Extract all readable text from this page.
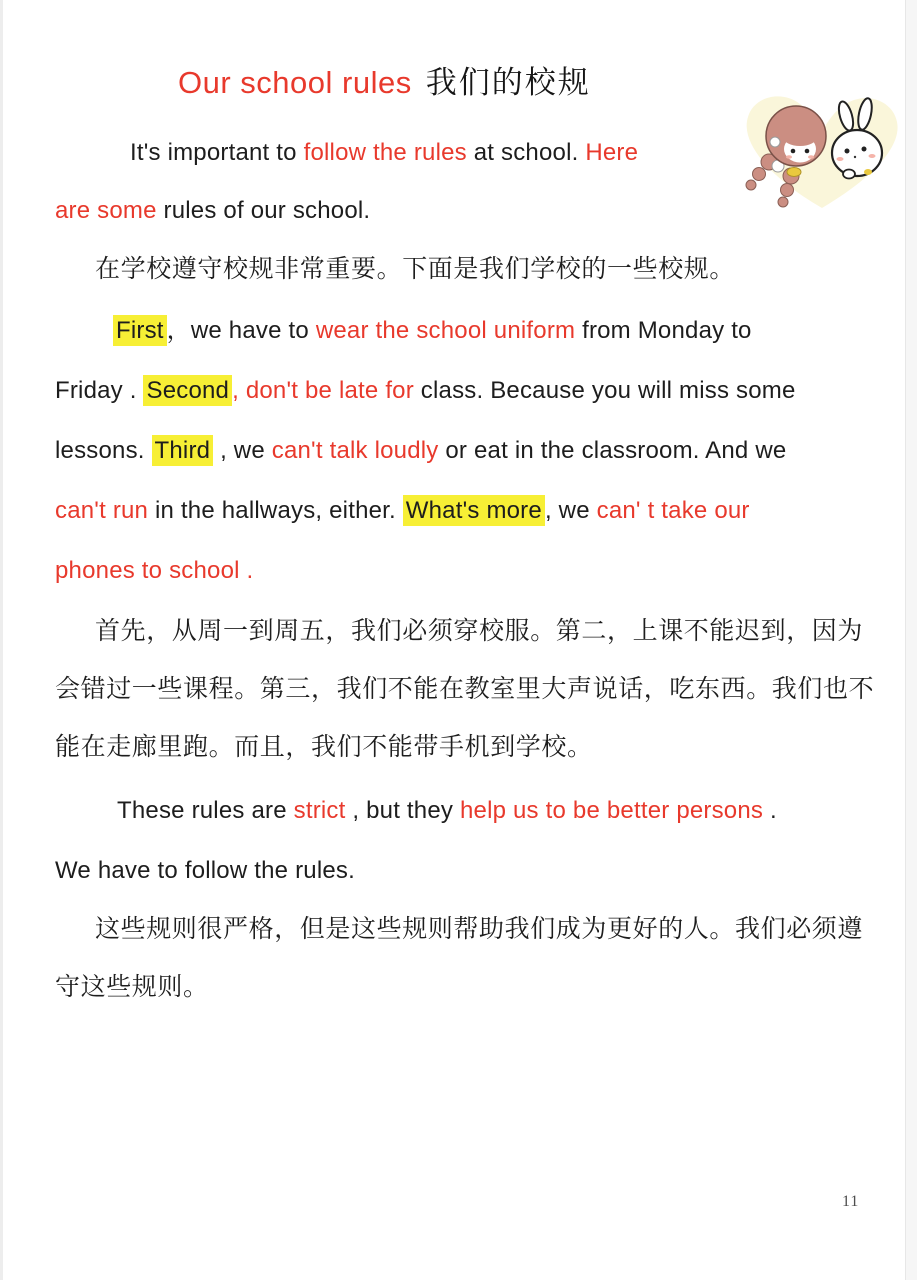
Our school rules 我们的校规
It's important to follow the rules at school. Here
are some rules of our school.
在学校遵守校规非常重要。下面是我们学校的一些校规。
First ，we have to wear the school uniform from Monday to
Friday . Second , don't be late for class. Because you will miss some
lessons. Third , we can't talk loudly or eat in the classroom. And we
can't run in the hallways, either. What's more , we can' t take our
phones to school .
首先，从周一到周五，我们必须穿校服。第二，上课不能迟到，因为
会错过一些课程。第三，我们不能在教室里大声说话，吃东西。我们也不
能在走廊里跑。而且，我们不能带手机到学校。
These rules are strict , but they help us to be better persons .
We have to follow the rules.
这些规则很严格，但是这些规则帮助我们成为更好的人。我们必须遵
守这些规则。
11
